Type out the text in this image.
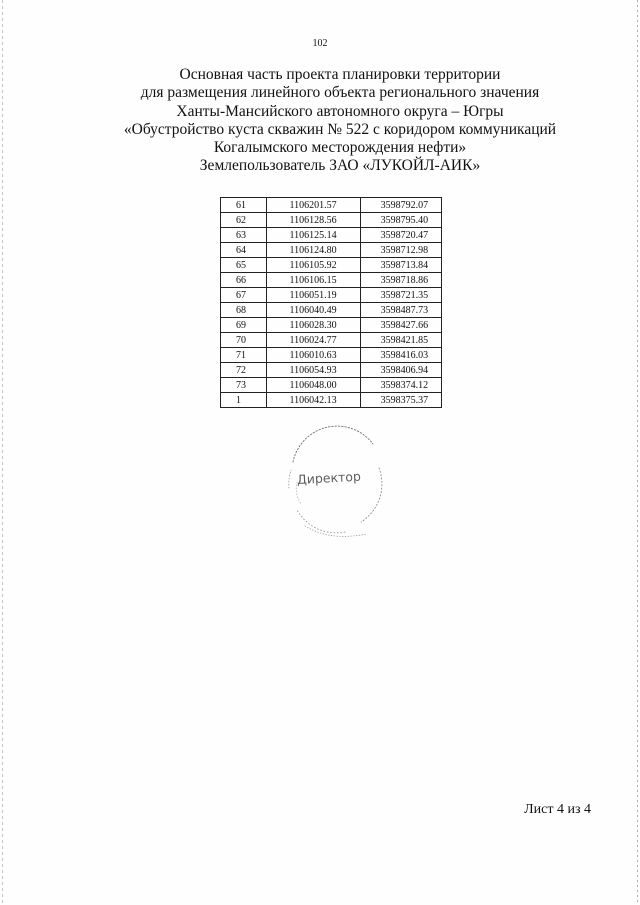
102
Основная часть проекта планировки территории
для размещения линейного объекта регионального значения
Ханты-Мансийского автономного округа – Югры
«Обустройство куста скважин № 522 с коридором коммуникаций
Когалымского месторождения нефти»
Землепользователь ЗАО «ЛУКОЙЛ-АИК»
61	1106201.57	3598792.07
62	1106128.56	3598795.40
63	1106125.14	3598720.47
64	1106124.80	3598712.98
65	1106105.92	3598713.84
66	1106106.15	3598718.86
67	1106051.19	3598721.35
68	1106040.49	3598487.73
69	1106028.30	3598427.66
70	1106024.77	3598421.85
71	1106010.63	3598416.03
72	1106054.93	3598406.94
73	1106048.00	3598374.12
1	1106042.13	3598375.37
Директор
Лист 4 из 4
